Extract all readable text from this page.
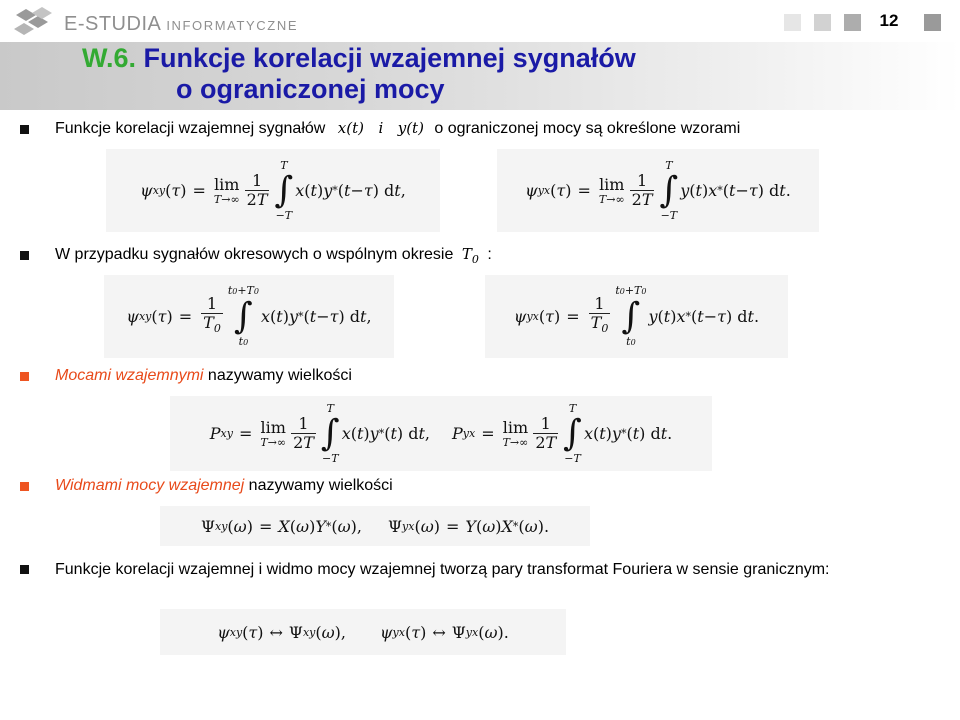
E-STUDIA INFORMATYCZNE	12
W.6. Funkcje korelacji wzajemnej sygnałów
o ograniczonej mocy
Funkcje korelacji wzajemnej sygnałów x(t) i y(t) o ograniczonej mocy są określone wzorami
ψ xy ( τ ) = lim
$T\to\infty \frac{1}{2T}$
T
∫
−T
x ( t ) y * ( t − τ ) d t ,	ψ yx ( τ ) = lim
$T\to\infty \frac{1}{2T}$
T
∫
−T
y ( t ) x * ( t − τ ) d t .
W przypadku sygnałów okresowych o wspólnym okresie $T_0$ :
ψ xy ( τ ) = $\frac{1}{T_0}$
t0+T0
∫
t0
x ( t ) y * ( t − τ ) d t ,	ψ yx ( τ ) = $\frac{1}{T_0}$
t0+T0
∫
t0
y ( t ) x * ( t − τ ) d t .
Mocami wzajemnymi nazywamy wielkości
P xy = lim
$T\to\infty \frac{1}{2T}$
T
∫
−T
x ( t ) y * ( t ) d t , P yx = lim
$T\to\infty \frac{1}{2T}$
T
∫
−T
x ( t ) y * ( t ) d t .
Widmami mocy wzajemnej nazywamy wielkości
Ψ xy ( ω ) = X ( ω ) Y * ( ω ),
Ψ yx ( ω ) = Y ( ω ) X * ( ω ).
Funkcje korelacji wzajemnej i widmo mocy wzajemnej tworzą pary transformat Fouriera w sensie granicznym:
ψ xy ( τ ) ↔ Ψ xy ( ω ), ψ yx ( τ ) ↔ Ψ yx ( ω ).
